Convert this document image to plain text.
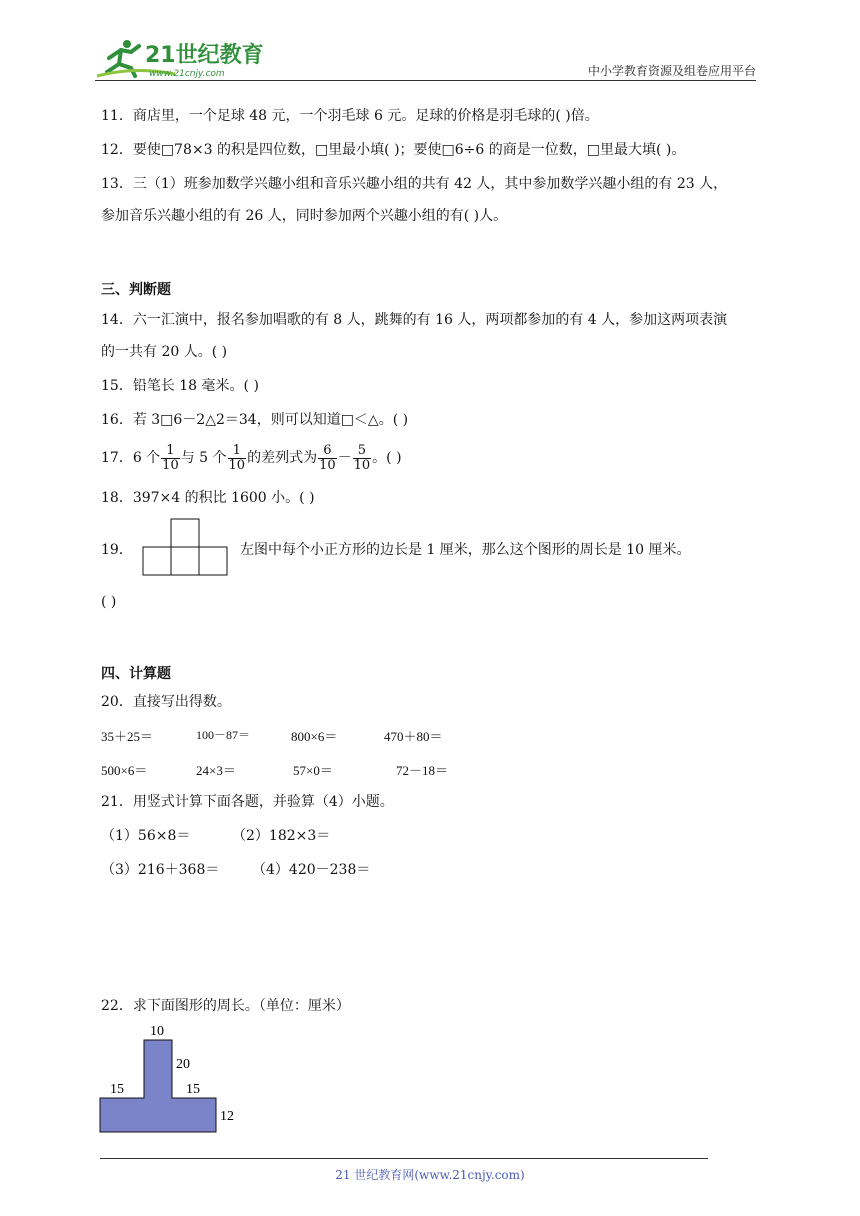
21世纪教育
www.21cnjy.com	中小学教育资源及组卷应用平台
11．商店里，一个足球 48 元，一个羽毛球 6 元。足球的价格是羽毛球的( )倍。
12．要使□78×3 的积是四位数，□里最小填( )；要使□6÷6 的商是一位数，□里最大填( )。
13．三（1）班参加数学兴趣小组和音乐兴趣小组的共有 42 人，其中参加数学兴趣小组的有 23 人，
参加音乐兴趣小组的有 26 人，同时参加两个兴趣小组的有( )人。
三、判断题
14．六一汇演中，报名参加唱歌的有 8 人，跳舞的有 16 人，两项都参加的有 4 人，参加这两项表演
的一共有 20 人。( )
15．铅笔长 18 毫米。( )
16．若 3□6－2△2＝34，则可以知道□＜△。( )
17．6 个 $\frac{1}{10}$ 与 5 个 $\frac{1}{10}$ 的差列式为 $\frac{6}{10} - \frac{5}{10}$ 。( )
18．397×4 的积比 1600 小。( )
19．	左图中每个小正方形的边长是 1 厘米，那么这个图形的周长是 10 厘米。
( )
四、计算题
20．直接写出得数。
35＋25＝	100－87＝	800×6＝	470＋80＝
500×6＝	24×3＝	57×0＝	72－18＝
21．用竖式计算下面各题，并验算（4）小题。
（1）56×8＝	（2）182×3＝
（3）216＋368＝ （4）420－238＝
22．求下面图形的周长。（单位：厘米）
10
20
15	15
12
21 世纪教育网(www.21cnjy.com)
